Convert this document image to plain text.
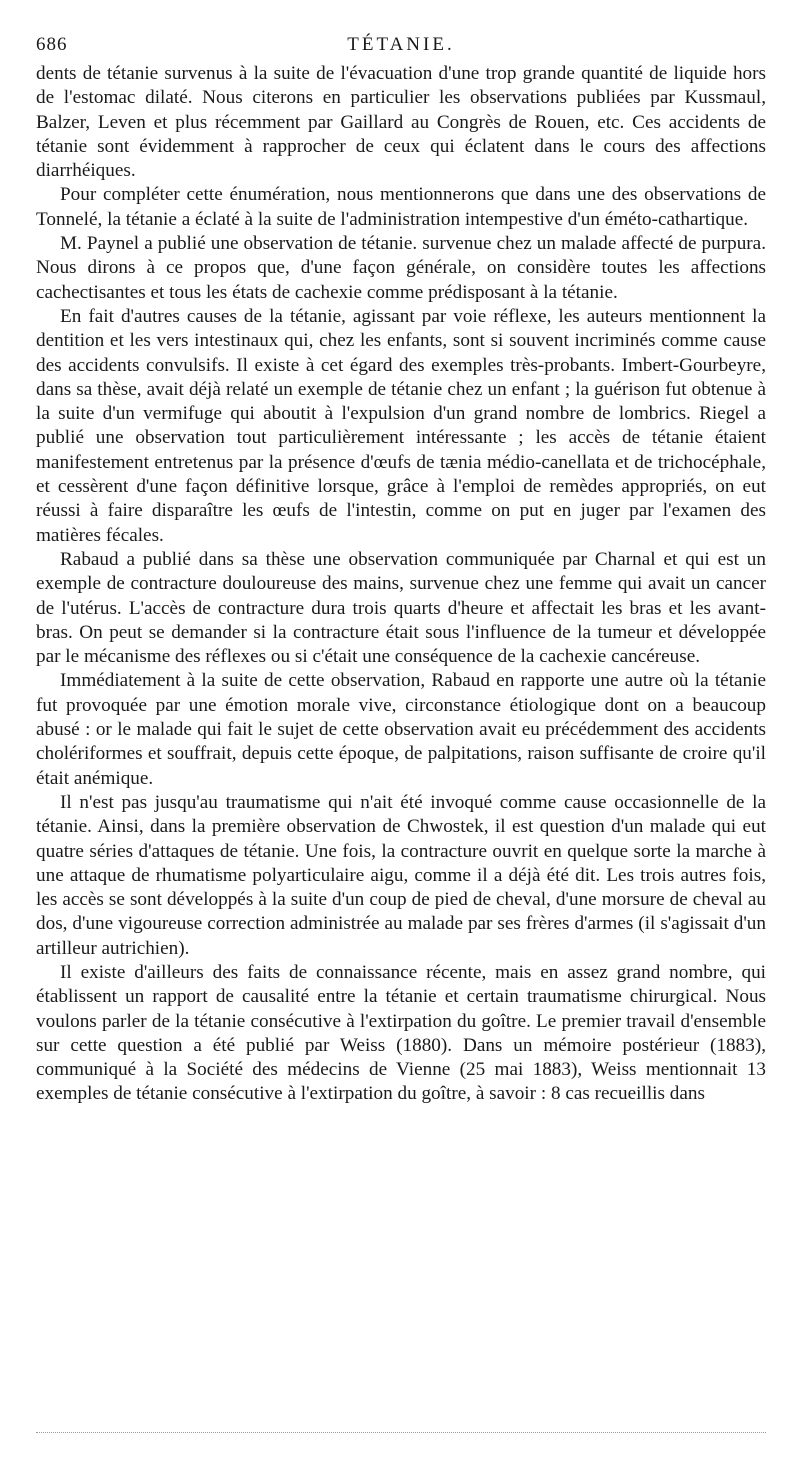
686	TÉTANIE.

dents de tétanie survenus à la suite de l'évacuation d'une trop grande quantité de liquide hors de l'estomac dilaté. Nous citerons en particulier les observations publiées par Kussmaul, Balzer, Leven et plus récemment par Gaillard au Congrès de Rouen, etc. Ces accidents de tétanie sont évidemment à rapprocher de ceux qui éclatent dans le cours des affections diarrhéiques.

Pour compléter cette énumération, nous mentionnerons que dans une des observations de Tonnelé, la tétanie a éclaté à la suite de l'administration intempestive d'un éméto-cathartique.

M. Paynel a publié une observation de tétanie. survenue chez un malade affecté de purpura. Nous dirons à ce propos que, d'une façon générale, on considère toutes les affections cachectisantes et tous les états de cachexie comme prédisposant à la tétanie.

En fait d'autres causes de la tétanie, agissant par voie réflexe, les auteurs mentionnent la dentition et les vers intestinaux qui, chez les enfants, sont si souvent incriminés comme cause des accidents convulsifs. Il existe à cet égard des exemples très-probants. Imbert-Gourbeyre, dans sa thèse, avait déjà relaté un exemple de tétanie chez un enfant ; la guérison fut obtenue à la suite d'un vermifuge qui aboutit à l'expulsion d'un grand nombre de lombrics. Riegel a publié une observation tout particulièrement intéressante ; les accès de tétanie étaient manifestement entretenus par la présence d'œufs de tænia médio-canellata et de trichocéphale, et cessèrent d'une façon définitive lorsque, grâce à l'emploi de remèdes appropriés, on eut réussi à faire disparaître les œufs de l'intestin, comme on put en juger par l'examen des matières fécales.

Rabaud a publié dans sa thèse une observation communiquée par Charnal et qui est un exemple de contracture douloureuse des mains, survenue chez une femme qui avait un cancer de l'utérus. L'accès de contracture dura trois quarts d'heure et affectait les bras et les avant-bras. On peut se demander si la contracture était sous l'influence de la tumeur et développée par le mécanisme des réflexes ou si c'était une conséquence de la cachexie cancéreuse.

Immédiatement à la suite de cette observation, Rabaud en rapporte une autre où la tétanie fut provoquée par une émotion morale vive, circonstance étiologique dont on a beaucoup abusé : or le malade qui fait le sujet de cette observation avait eu précédemment des accidents cholériformes et souffrait, depuis cette époque, de palpitations, raison suffisante de croire qu'il était anémique.

Il n'est pas jusqu'au traumatisme qui n'ait été invoqué comme cause occasionnelle de la tétanie. Ainsi, dans la première observation de Chwostek, il est question d'un malade qui eut quatre séries d'attaques de tétanie. Une fois, la contracture ouvrit en quelque sorte la marche à une attaque de rhumatisme polyarticulaire aigu, comme il a déjà été dit. Les trois autres fois, les accès se sont développés à la suite d'un coup de pied de cheval, d'une morsure de cheval au dos, d'une vigoureuse correction administrée au malade par ses frères d'armes (il s'agissait d'un artilleur autrichien).

Il existe d'ailleurs des faits de connaissance récente, mais en assez grand nombre, qui établissent un rapport de causalité entre la tétanie et certain traumatisme chirurgical. Nous voulons parler de la tétanie consécutive à l'extirpation du goître. Le premier travail d'ensemble sur cette question a été publié par Weiss (1880). Dans un mémoire postérieur (1883), communiqué à la Société des médecins de Vienne (25 mai 1883), Weiss mentionnait 13 exemples de tétanie consécutive à l'extirpation du goître, à savoir : 8 cas recueillis dans
